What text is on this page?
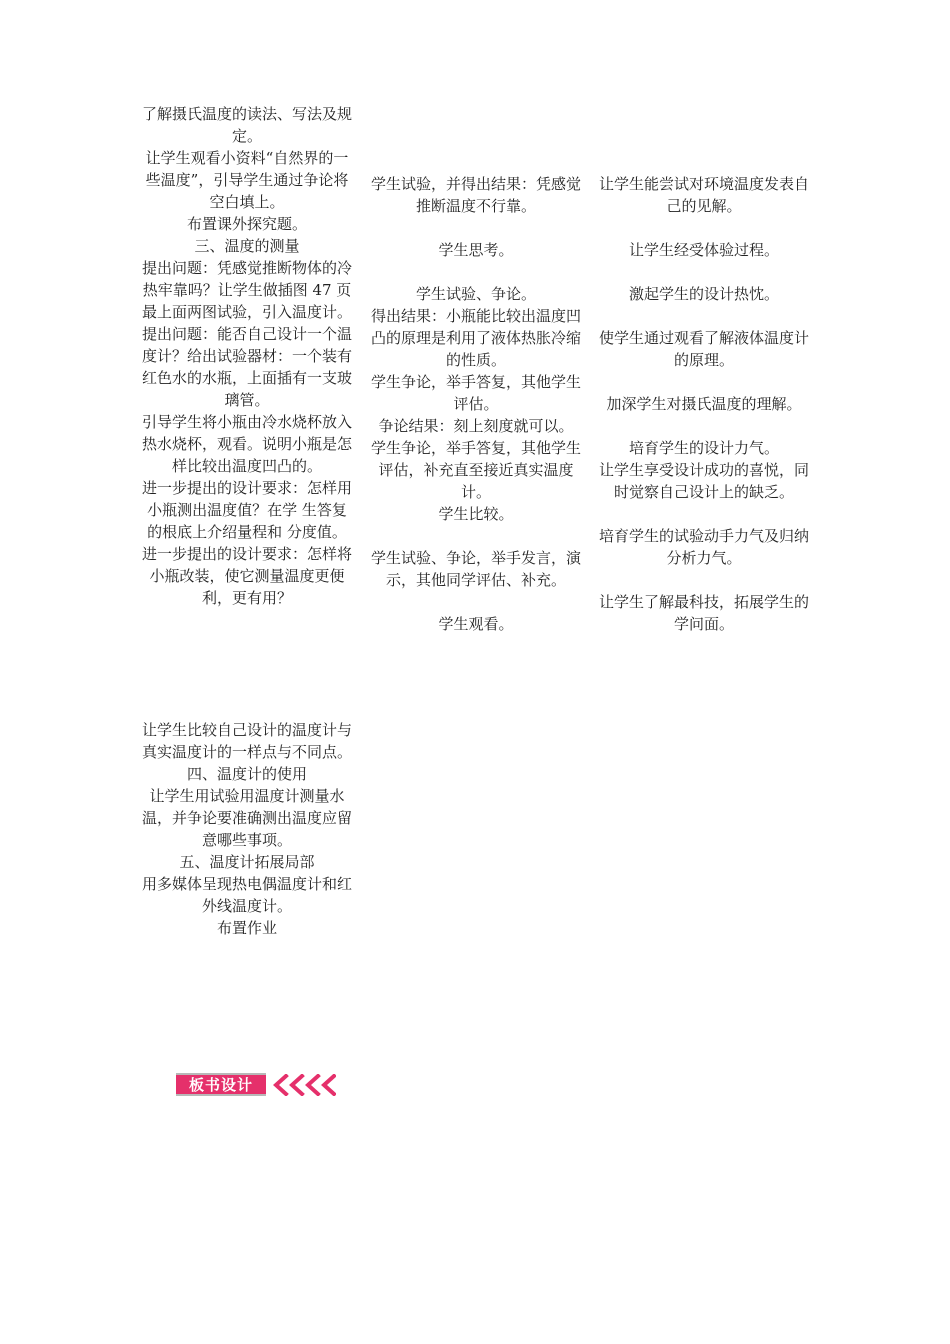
了解摄氏温度的读法、写法及规定。

让学生观看小资料“自然界的一些温度”，引导学生通过争论将空白填上。

布置课外探究题。

三、温度的测量

提出问题：凭感觉推断物体的冷热牢靠吗？让学生做插图 47 页最上面两图试验，引入温度计。

提出问题：能否自己设计一个温度计？给出试验器材：一个装有红色水的水瓶，上面插有一支玻璃管。

引导学生将小瓶由冷水烧杯放入热水烧杯，观看。说明小瓶是怎样比较出温度凹凸的。

进一步提出的设计要求：怎样用小瓶测出温度值？在学 生答复的根底上介绍量程和 分度值。

进一步提出的设计要求：怎样将小瓶改装，使它测量温度更便利，更有用？

让学生比较自己设计的温度计与真实温度计的一样点与不同点。

四、温度计的使用

让学生用试验用温度计测量水温，并争论要准确测出温度应留意哪些事项。

五、温度计拓展局部

用多媒体呈现热电偶温度计和红外线温度计。

布置作业

学生试验，并得出结果：凭感觉推断温度不行靠。

学生思考。

学生试验、争论。

得出结果：小瓶能比较出温度凹凸的原理是利用了液体热胀冷缩的性质。

学生争论，举手答复，其他学生评估。

争论结果：刻上刻度就可以。

学生争论，举手答复，其他学生评估，补充直至接近真实温度计。

学生比较。

学生试验、争论，举手发言，演示，其他同学评估、补充。

学生观看。

让学生能尝试对环境温度发表自己的见解。

让学生经受体验过程。

激起学生的设计热忱。

使学生通过观看了解液体温度计的原理。

加深学生对摄氏温度的理解。

培育学生的设计力气。

让学生享受设计成功的喜悦，同时觉察自己设计上的缺乏。

培育学生的试验动手力气及归纳分析力气。

让学生了解最科技，拓展学生的学问面。

板书设计
